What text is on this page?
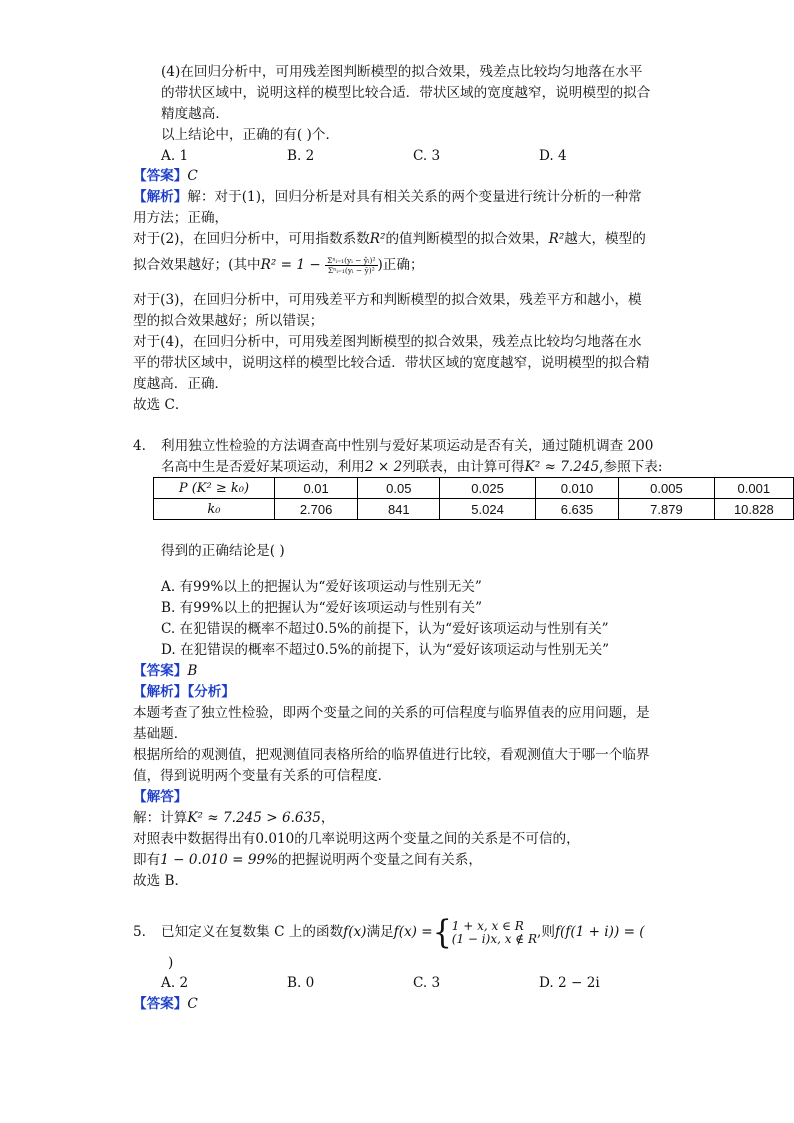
(4)在回归分析中，可用残差图判断模型的拟合效果，残差点比较均匀地落在水平
的带状区域中，说明这样的模型比较合适．带状区域的宽度越窄，说明模型的拟合
精度越高．
以上结论中，正确的有( )个．
A. 1	B. 2	C. 3	D. 4
【答案】C
【解析】解：对于(1)，回归分析是对具有相关关系的两个变量进行统计分析的一种常
用方法；正确，
对于(2)，在回归分析中，可用指数系数R²的值判断模型的拟合效果，R²越大，模型的
拟合效果越好；(其中$R^2 = 1 - \frac{\text{Σⁿᵢ₌₁(yᵢ − ŷᵢ)²}}{\text{Σⁿᵢ₌₁(yᵢ − ȳ)²}}$ )正确；
对于(3)，在回归分析中，可用残差平方和判断模型的拟合效果，残差平方和越小，模
型的拟合效果越好；所以错误；
对于(4)，在回归分析中，可用残差图判断模型的拟合效果，残差点比较均匀地落在水
平的带状区域中，说明这样的模型比较合适．带状区域的宽度越窄，说明模型的拟合精
度越高．正确．
故选 C．
4. 利用独立性检验的方法调查高中性别与爱好某项运动是否有关，通过随机调查 200
名高中生是否爱好某项运动，利用2 × 2列联表，由计算可得K² ≈ 7.245,参照下表:
P (K² ≥ k₀)	0.01	0.05	0.025	0.010	0.005	0.001
k₀	2.706	841	5.024	6.635	7.879	10.828
得到的正确结论是( )
A. 有99%以上的把握认为“爱好该项运动与性别无关”
B. 有99%以上的把握认为“爱好该项运动与性别有关”
C. 在犯错误的概率不超过0.5%的前提下，认为“爱好该项运动与性别有关”
D. 在犯错误的概率不超过0.5%的前提下，认为“爱好该项运动与性别无关”
【答案】B
【解析】【分析】
本题考查了独立性检验，即两个变量之间的关系的可信程度与临界值表的应用问题，是
基础题．
根据所给的观测值，把观测值同表格所给的临界值进行比较，看观测值大于哪一个临界
值，得到说明两个变量有关系的可信程度．
【解答】
解：计算K² ≈ 7.245 > 6.635，
对照表中数据得出有0.010的几率说明这两个变量之间的关系是不可信的，
即有1 − 0.010 = 99%的把握说明两个变量之间有关系，
故选 B．
5. 已知定义在复数集 C 上的函数f(x)满足f(x) ={ 1 + x, x ∈ R
(1 − i)x, x ∉ R ,则f(f(1 + i)) = (
)
A. 2	B. 0	C. 3	D. 2 − 2i
【答案】C
